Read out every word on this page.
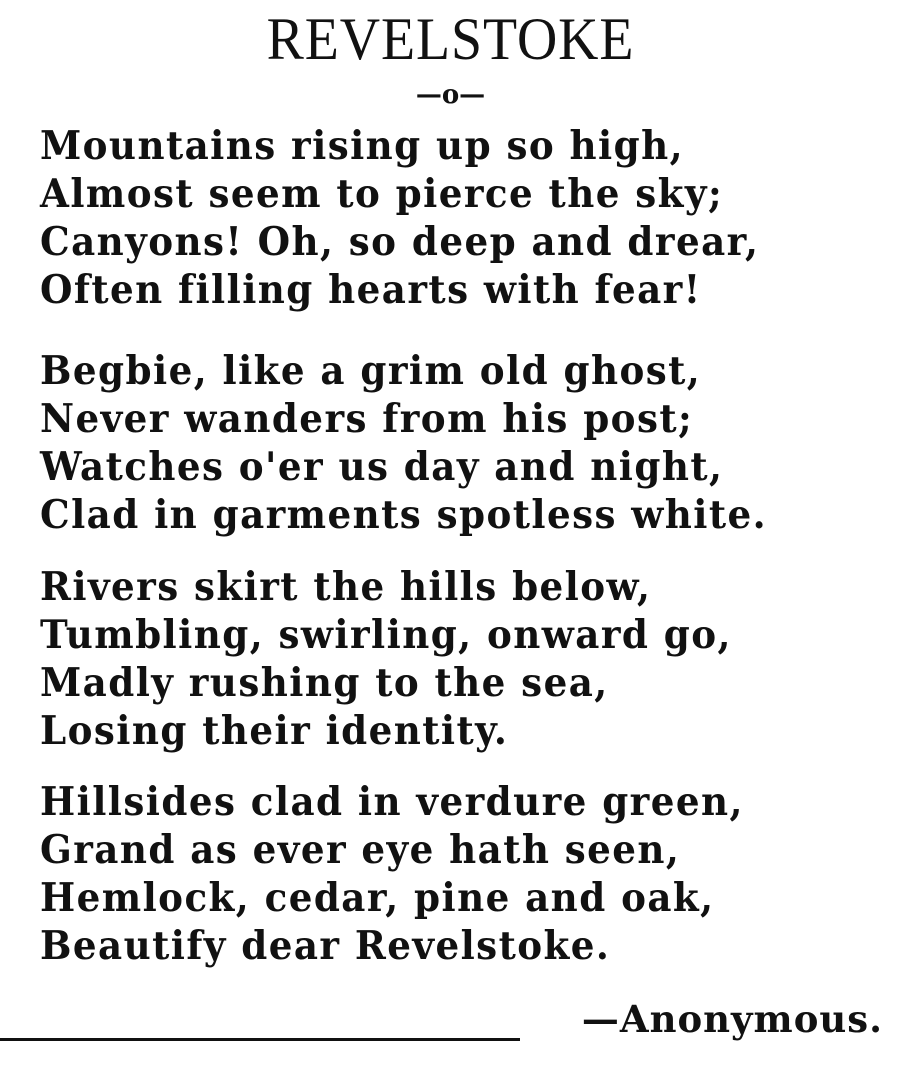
REVELSTOKE
—o—
Mountains rising up so high,
Almost seem to pierce the sky;
Canyons! Oh, so deep and drear,
Often filling hearts with fear!
Begbie, like a grim old ghost,
Never wanders from his post;
Watches o'er us day and night,
Clad in garments spotless white.
Rivers skirt the hills below,
Tumbling, swirling, onward go,
Madly rushing to the sea,
Losing their identity.
Hillsides clad in verdure green,
Grand as ever eye hath seen,
Hemlock, cedar, pine and oak,
Beautify dear Revelstoke.
—Anonymous.
